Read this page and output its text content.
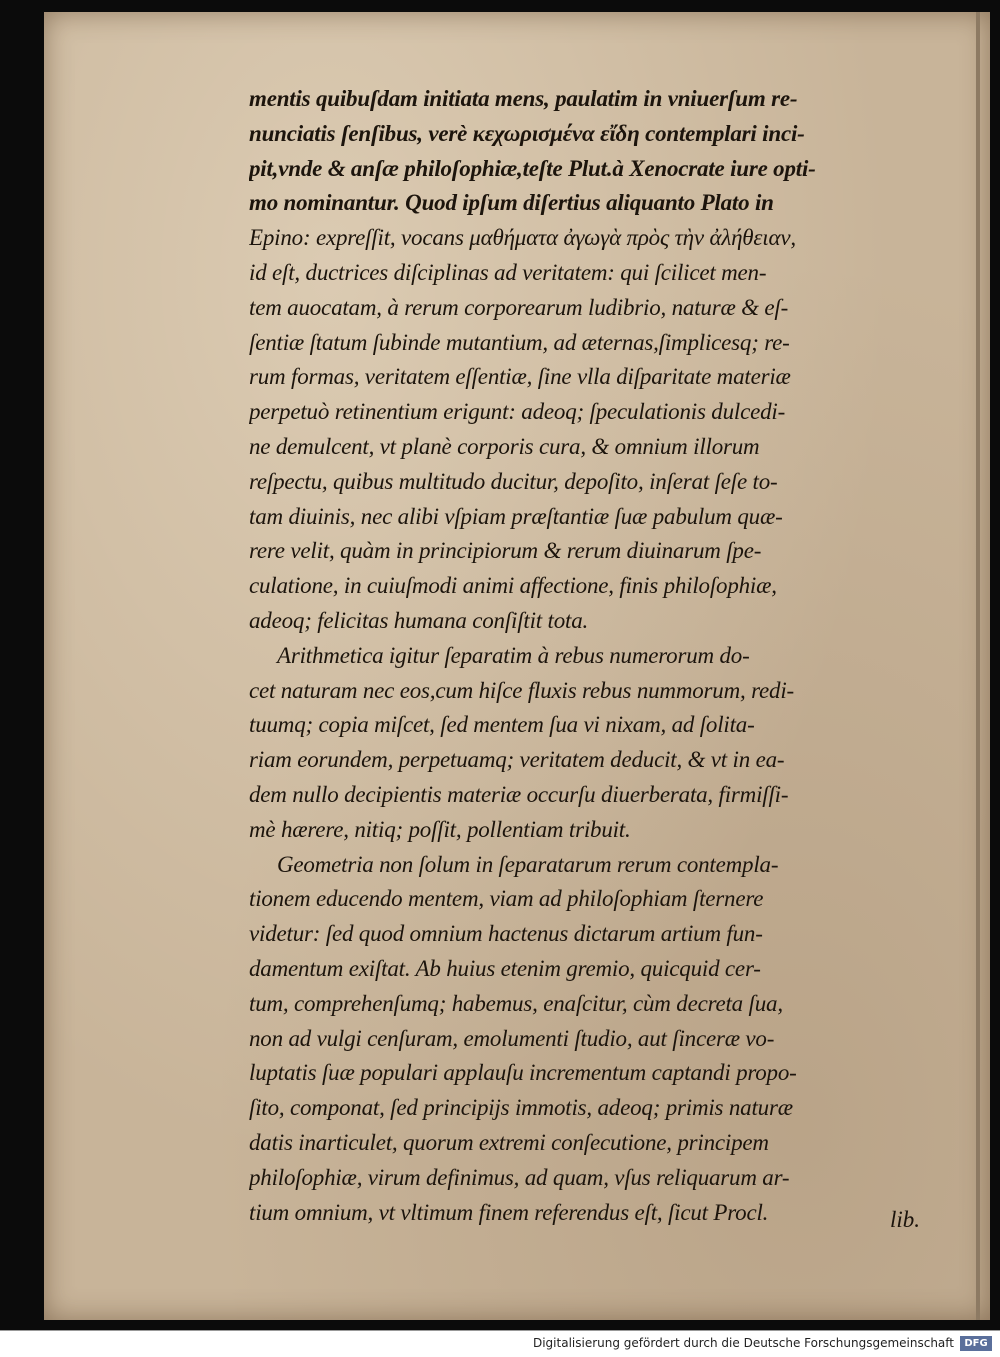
mentis quibuſdam initiata mens, paulatim in vniuerſum re-
nunciatis ſenſibus, verè κεχωρισμένα εἴδη contemplari inci-
pit,vnde & anſæ philoſophiæ,teſte Plut.à Xenocrate iure opti-
mo nominantur. Quod ipſum diſertius aliquanto Plato in
Epino: expreſſit, vocans μαθήματα ἀγωγὰ πρὸς τὴν ἀλήθειαν,
id eſt, ductrices diſciplinas ad veritatem: qui ſcilicet men-
tem auocatam, à rerum corporearum ludibrio, naturæ & eſ-
ſentiæ ſtatum ſubinde mutantium, ad æternas,ſimplicesq; re-
rum formas, veritatem eſſentiæ, ſine vlla diſparitate materiæ
perpetuò retinentium erigunt: adeoq; ſpeculationis dulcedi-
ne demulcent, vt planè corporis cura, & omnium illorum
reſpectu, quibus multitudo ducitur, depoſito, inſerat ſeſe to-
tam diuinis, nec alibi vſpiam præſtantiæ ſuæ pabulum quæ-
rere velit, quàm in principiorum & rerum diuinarum ſpe-
culatione, in cuiuſmodi animi affectione, finis philoſophiæ,
adeoq; felicitas humana conſiſtit tota.
Arithmetica igitur ſeparatim à rebus numerorum do-
cet naturam nec eos,cum hiſce fluxis rebus nummorum, redi-
tuumq; copia miſcet, ſed mentem ſua vi nixam, ad ſolita-
riam eorundem, perpetuamq; veritatem deducit, & vt in ea-
dem nullo decipientis materiæ occurſu diuerberata, firmiſſi-
mè hærere, nitiq; poſſit, pollentiam tribuit.
Geometria non ſolum in ſeparatarum rerum contempla-
tionem educendo mentem, viam ad philoſophiam ſternere
videtur: ſed quod omnium hactenus dictarum artium fun-
damentum exiſtat. Ab huius etenim gremio, quicquid cer-
tum, comprehenſumq; habemus, enaſcitur, cùm decreta ſua,
non ad vulgi cenſuram, emolumenti ſtudio, aut ſinceræ vo-
luptatis ſuæ populari applauſu incrementum captandi propo-
ſito, componat, ſed principijs immotis, adeoq; primis naturæ
datis inarticulet, quorum extremi conſecutione, principem
philoſophiæ, virum definimus, ad quam, vſus reliquarum ar-
tium omnium, vt vltimum finem referendus eſt, ſicut Procl.	lib.
Digitalisierung gefördert durch die Deutsche Forschungsgemeinschaft	DFG
